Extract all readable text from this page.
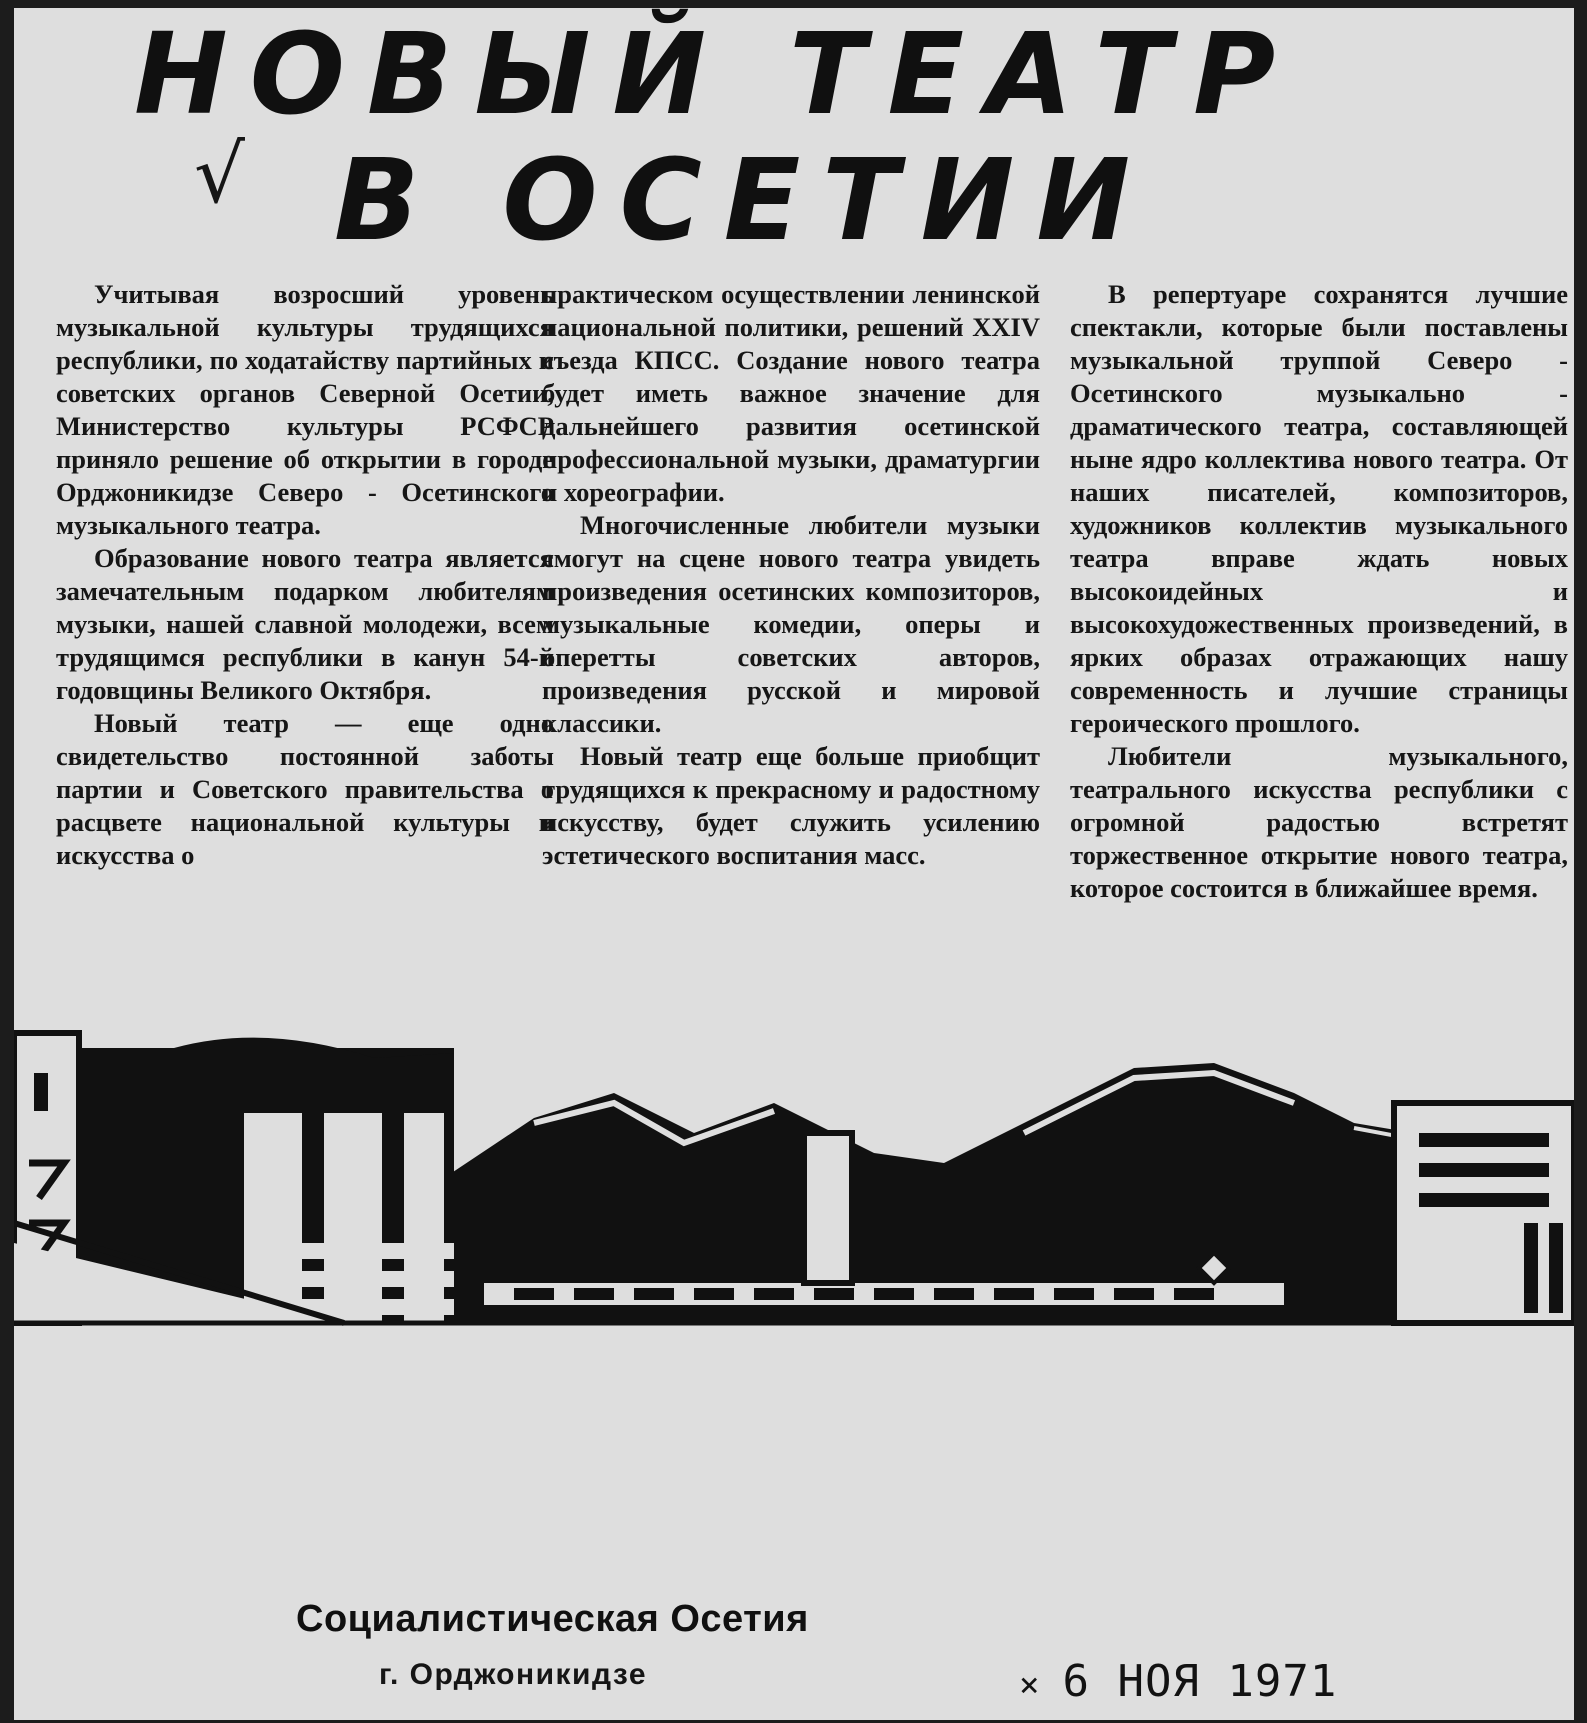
НОВЫЙ ТЕАТР
√ В ОСЕТИИ

Учитывая возросший уровень музыкальной культуры трудящихся республики, по ходатайству партийных и советских органов Северной Осетии, Министерство культуры РСФСР приняло решение об открытии в городе Орджоникидзе Северо - Осетинского музыкального театра.

Образование нового театра является замечательным подарком любителям музыки, нашей славной молодежи, всем трудящимся республики в канун 54-й годовщины Великого Октября.

Новый театр — еще одно свидетельство постоянной заботы партии и Советского правительства о расцвете национальной культуры и искусства о

практическом осуществлении ленинской национальной политики, решений XXIV съезда КПСС. Создание нового театра будет иметь важное значение для дальнейшего развития осетинской профессиональной музыки, драматургии и хореографии.

Многочисленные любители музыки смогут на сцене нового театра увидеть произведения осетинских композиторов, музыкальные комедии, оперы и оперетты советских авторов, произведения русской и мировой классики.

Новый театр еще больше приобщит трудящихся к прекрасному и радостному искусству, будет служить усилению эстетического воспитания масс.

В репертуаре сохранятся лучшие спектакли, которые были поставлены музыкальной труппой Северо - Осетинского музыкально - драматического театра, составляющей ныне ядро коллектива нового театра. От наших писателей, композиторов, художников коллектив музыкального театра вправе ждать новых высокоидейных и высокохудожественных произведений, в ярких образах отражающих нашу современность и лучшие страницы героического прошлого.

Любители музыкального, театрального искусства республики с огромной радостью встретят торжественное открытие нового театра, которое состоится в ближайшее время.

Социалистическая Осетия
г. Орджоникидзе	× 6 НОЯ 1971
